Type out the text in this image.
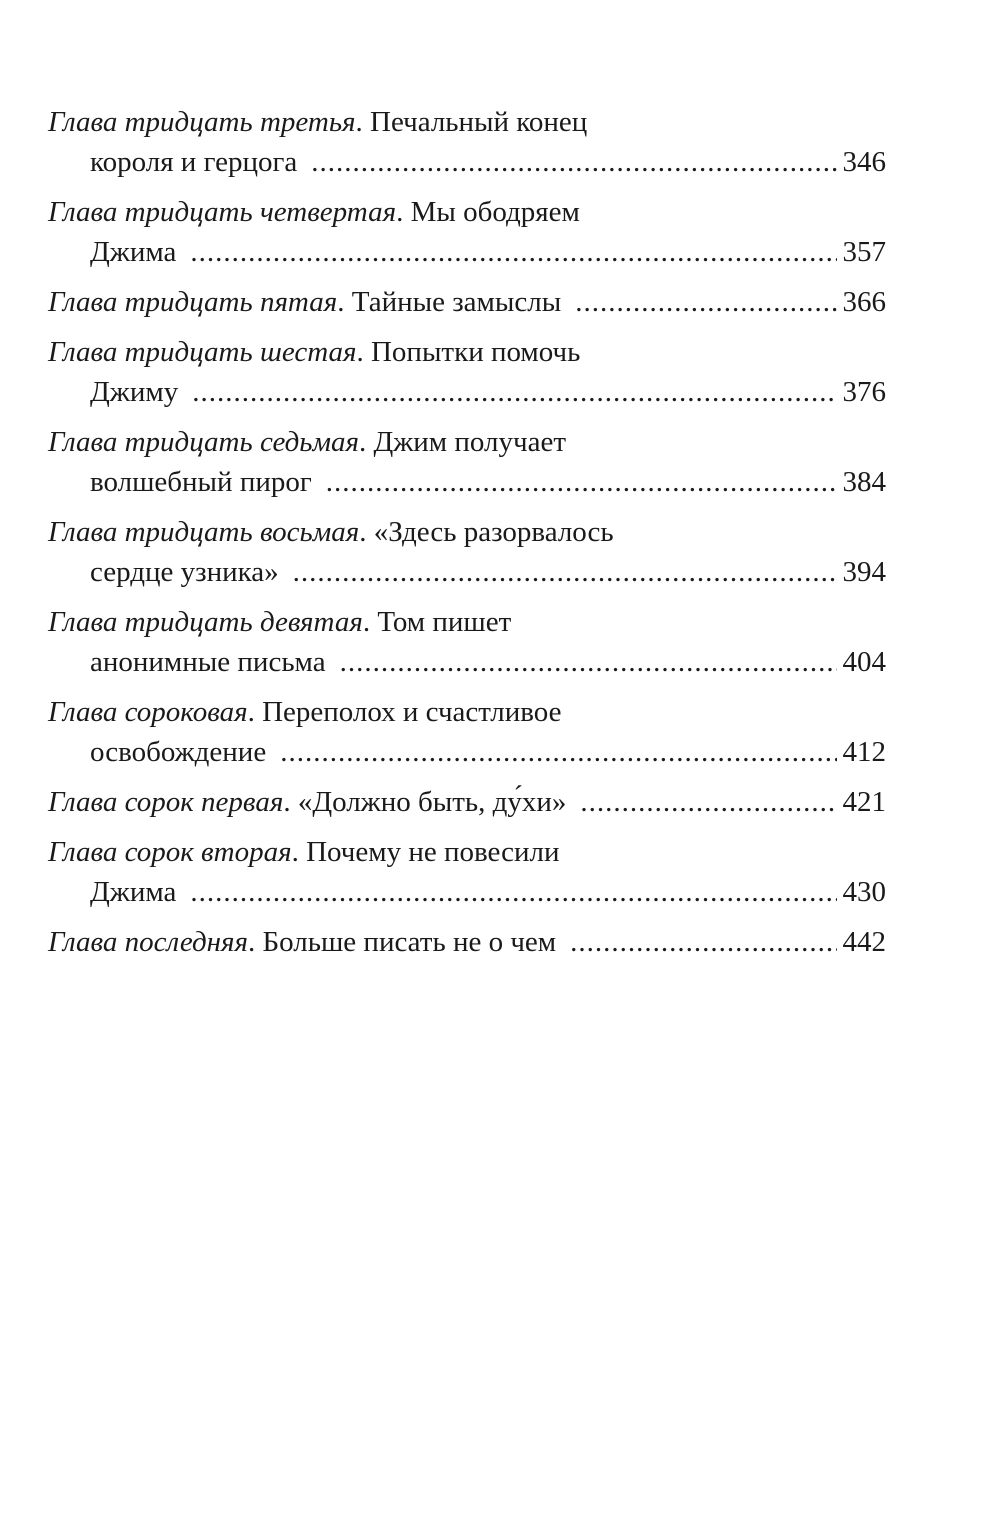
Глава тридцать третья. Печальный конец
короля и герцога .....	346
Глава тридцать четвертая. Мы ободряем
Джима .....	357
Глава тридцать пятая. Тайные замыслы .....	366
Глава тридцать шестая. Попытки помочь
Джиму .....	376
Глава тридцать седьмая. Джим получает
волшебный пирог .....	384
Глава тридцать восьмая. «Здесь разорвалось
сердце узника» .....	394
Глава тридцать девятая. Том пишет
анонимные письма .....	404
Глава сороковая. Переполох и счастливое
освобождение .....	412
Глава сорок первая. «Должно быть, ду́хи» .....	421
Глава сорок вторая. Почему не повесили
Джима .....	430
Глава последняя. Больше писать не о чем .....	442
